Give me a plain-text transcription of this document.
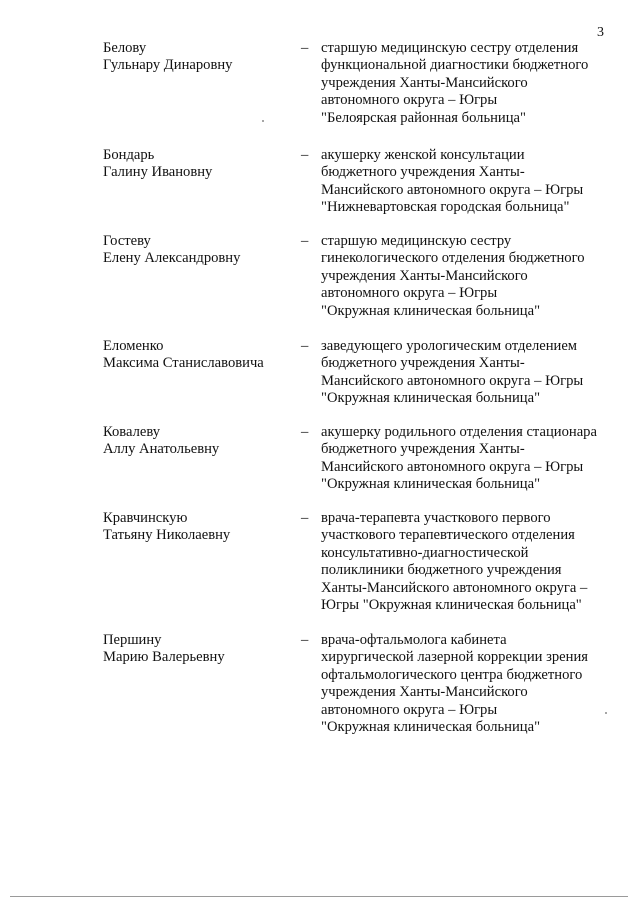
3
Белову
Гульнару Динаровну
– старшую медицинскую сестру отделения
функциональной диагностики бюджетного
учреждения Ханты-Мансийского
автономного округа – Югры
"Белоярская районная больница"
Бондарь
Галину Ивановну
– акушерку женской консультации
бюджетного учреждения Ханты-
Мансийского автономного округа – Югры
"Нижневартовская городская больница"
Гостеву
Елену Александровну
– старшую медицинскую сестру
гинекологического отделения бюджетного
учреждения Ханты-Мансийского
автономного округа – Югры
"Окружная клиническая больница"
Еломенко
Максима Станиславовича
– заведующего урологическим отделением
бюджетного учреждения Ханты-
Мансийского автономного округа – Югры
"Окружная клиническая больница"
Ковалеву
Аллу Анатольевну
– акушерку родильного отделения стационара
бюджетного учреждения Ханты-
Мансийского автономного округа – Югры
"Окружная клиническая больница"
Кравчинскую
Татьяну Николаевну
– врача-терапевта участкового первого
участкового терапевтического отделения
консультативно-диагностической
поликлиники бюджетного учреждения
Ханты-Мансийского автономного округа –
Югры "Окружная клиническая больница"
Першину
Марию Валерьевну
– врача-офтальмолога кабинета
хирургической лазерной коррекции зрения
офтальмологического центра бюджетного
учреждения Ханты-Мансийского
автономного округа – Югры
"Окружная клиническая больница"
